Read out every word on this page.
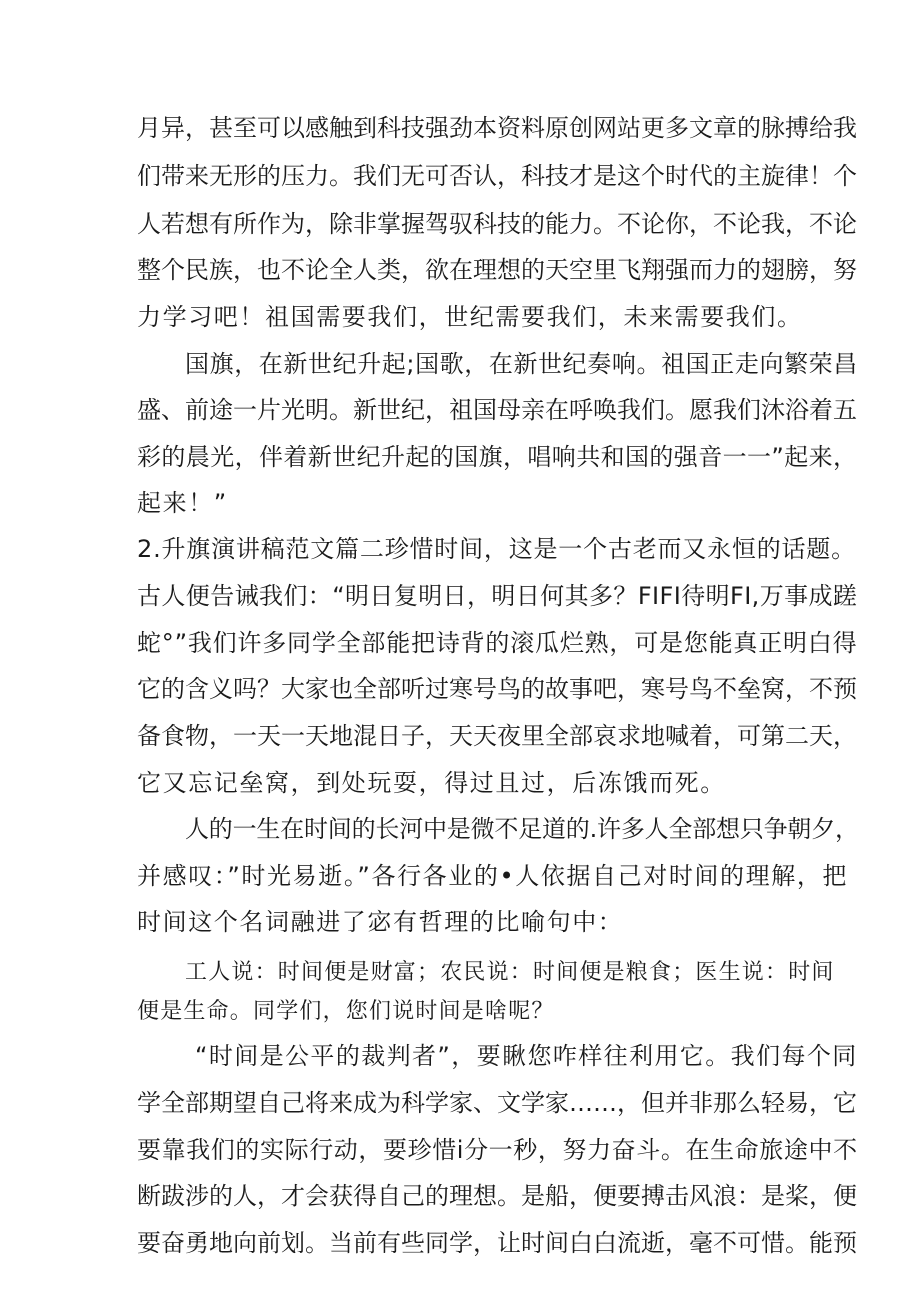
月异，甚至可以感触到科技强劲本资料原创网站更多文章的脉搏给我
们带来无形的压力。我们无可否认，科技才是这个时代的主旋律！个
人若想有所作为，除非掌握驾驭科技的能力。不论你，不论我，不论
整个民族，也不论全人类，欲在理想的天空里飞翔强而力的翅膀，努
力学习吧！祖国需要我们，世纪需要我们，未来需要我们。
国旗，在新世纪升起;国歌，在新世纪奏响。祖国正走向繁荣昌
盛、前途一片光明。新世纪，祖国母亲在呼唤我们。愿我们沐浴着五
彩的晨光，伴着新世纪升起的国旗，唱响共和国的强音一一”起来，
起来！”
2.升旗演讲稿范文篇二珍惜时间，这是一个古老而又永恒的话题。
古人便告诫我们：“明日复明日，明日何其多？FIFI待明FI,万事成蹉
蛇°”我们许多同学全部能把诗背的滚瓜烂熟，可是您能真正明白得
它的含义吗？大家也全部听过寒号鸟的故事吧，寒号鸟不垒窝，不预
备食物，一天一天地混日子，天天夜里全部哀求地喊着，可第二天，
它又忘记垒窝，到处玩耍，得过且过，后冻饿而死。
人的一生在时间的长河中是微不足道的.许多人全部想只争朝夕，
并感叹：”时光易逝。”各行各业的•人依据自己对时间的理解，把
时间这个名词融进了宓有哲理的比喻句中：
工人说：时间便是财富；农民说：时间便是粮食；医生说：时间
便是生命。同学们，您们说时间是啥呢？
“时间是公平的裁判者”，要瞅您咋样往利用它。我们每个同
学全部期望自己将来成为科学家、文学家……，但并非那么轻易，它
要靠我们的实际行动，要珍惜i分一秒，努力奋斗。在生命旅途中不
断跋涉的人，才会获得自己的理想。是船，便要搏击风浪：是桨，便
要奋勇地向前划。当前有些同学，让时间白白流逝，毫不可惜。能预
